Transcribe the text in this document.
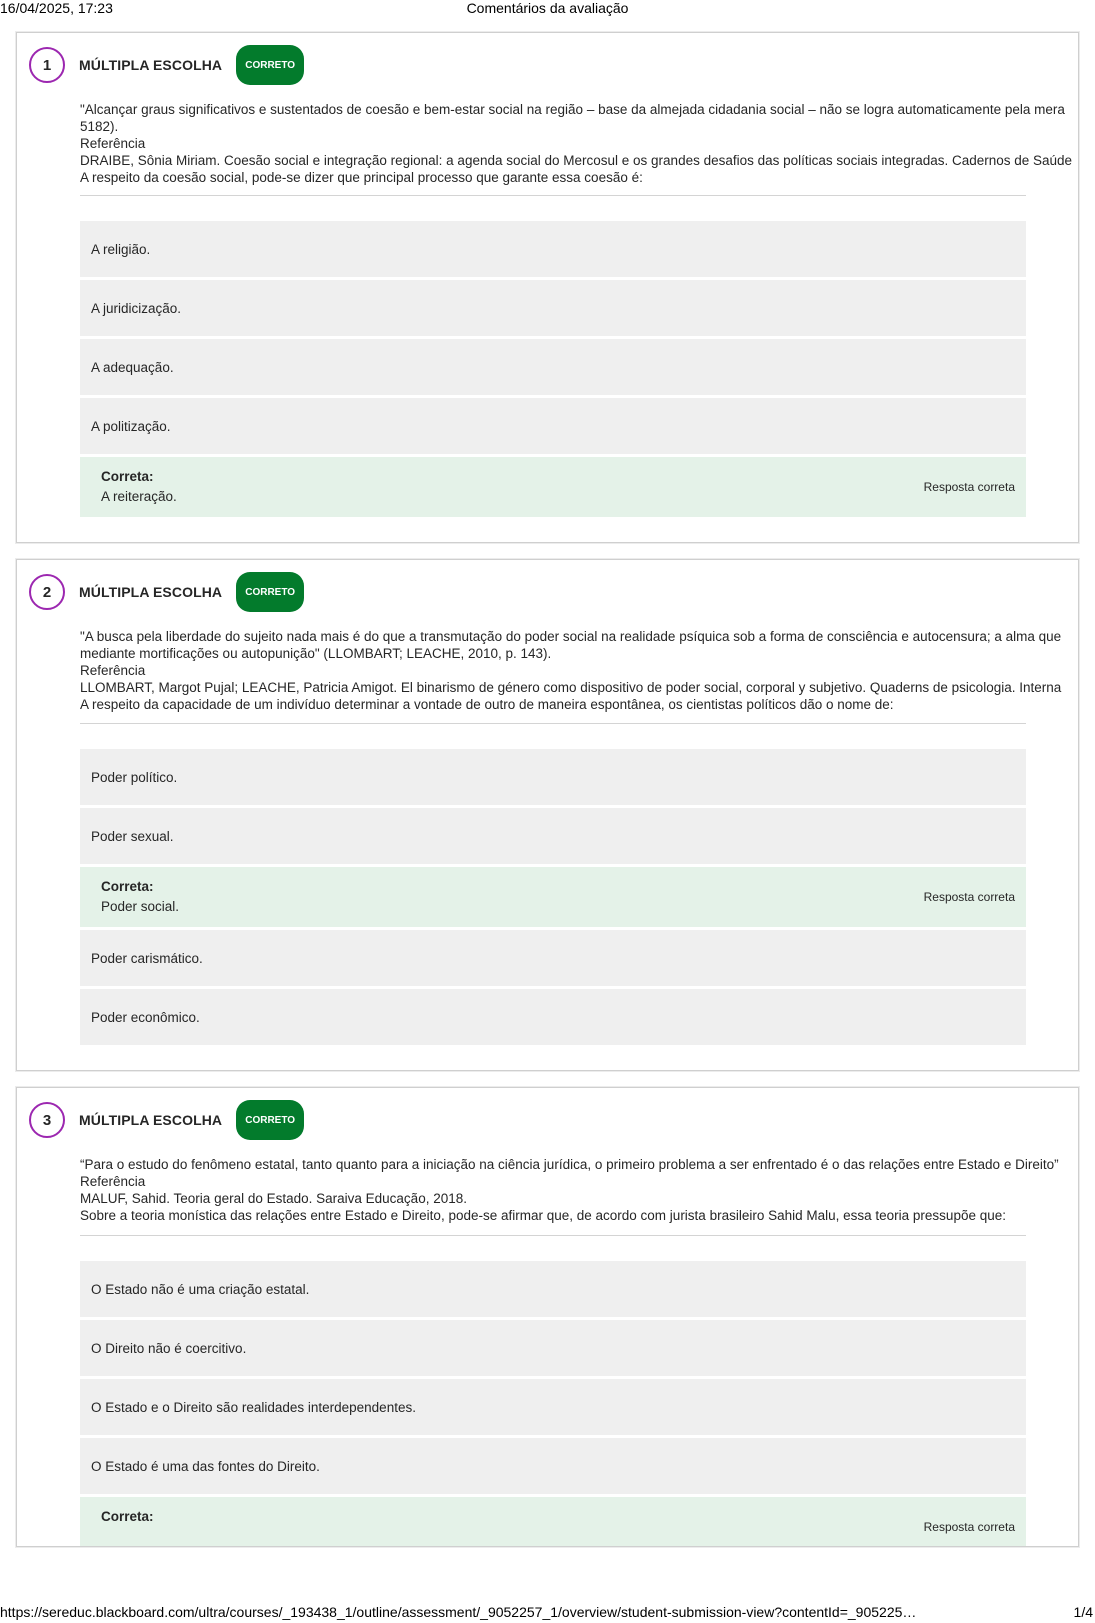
16/04/2025, 17:23	Comentários da avaliação
1	MÚLTIPLA ESCOLHA	CORRETO
"Alcançar graus significativos e sustentados de coesão e bem-estar social na região – base da almejada cidadania social – não se logra automaticamente pela mera
5182).
Referência
DRAIBE, Sônia Miriam. Coesão social e integração regional: a agenda social do Mercosul e os grandes desafios das políticas sociais integradas. Cadernos de Saúde
A respeito da coesão social, pode-se dizer que principal processo que garante essa coesão é:
A religião.
A juridicização.
A adequação.
A politização.
Correta:
A reiteração.
Resposta correta
2	MÚLTIPLA ESCOLHA	CORRETO
"A busca pela liberdade do sujeito nada mais é do que a transmutação do poder social na realidade psíquica sob a forma de consciência e autocensura; a alma que
mediante mortificações ou autopunição" (LLOMBART; LEACHE, 2010, p. 143).
Referência
LLOMBART, Margot Pujal; LEACHE, Patricia Amigot. El binarismo de género como dispositivo de poder social, corporal y subjetivo. Quaderns de psicologia. Interna
A respeito da capacidade de um indivíduo determinar a vontade de outro de maneira espontânea, os cientistas políticos dão o nome de:
Poder político.
Poder sexual.
Correta:
Poder social.
Resposta correta
Poder carismático.
Poder econômico.
3	MÚLTIPLA ESCOLHA	CORRETO
“Para o estudo do fenômeno estatal, tanto quanto para a iniciação na ciência jurídica, o primeiro problema a ser enfrentado é o das relações entre Estado e Direito”
Referência
MALUF, Sahid. Teoria geral do Estado. Saraiva Educação, 2018.
Sobre a teoria monística das relações entre Estado e Direito, pode-se afirmar que, de acordo com jurista brasileiro Sahid Malu, essa teoria pressupõe que:
O Estado não é uma criação estatal.
O Direito não é coercitivo.
O Estado e o Direito são realidades interdependentes.
O Estado é uma das fontes do Direito.
Correta:
Resposta correta
https://sereduc.blackboard.com/ultra/courses/_193438_1/outline/assessment/_9052257_1/overview/student-submission-view?contentId=_905225…	1/4
